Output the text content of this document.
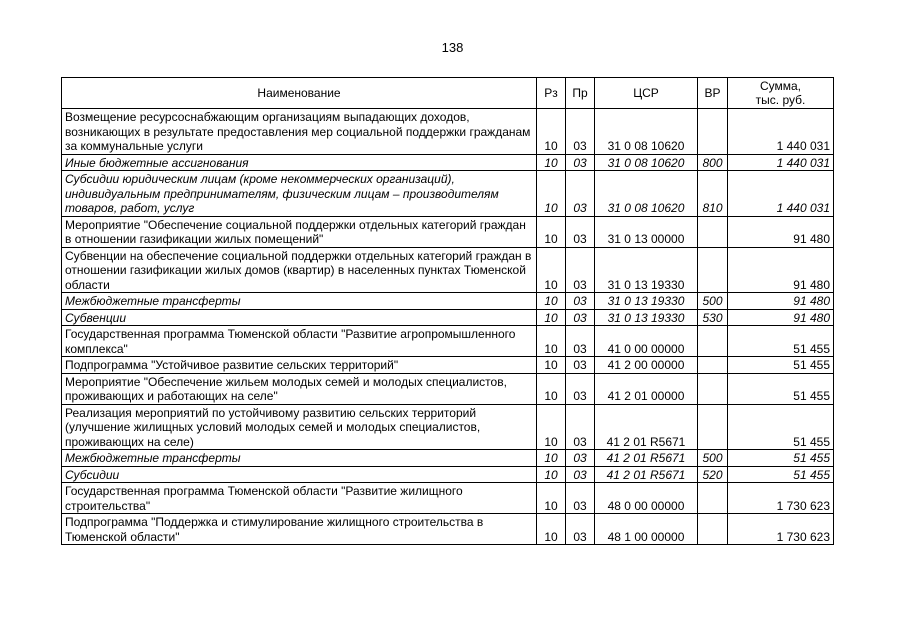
138
Наименование	Рз	Пр	ЦСР	ВР	Сумма,
тыс. руб.
Возмещение ресурсоснабжающим организациям выпадающих доходов, возникающих в результате предоставления мер социальной поддержки гражданам за коммунальные услуги	10	03	31 0 08 10620		1 440 031
Иные бюджетные ассигнования	10	03	31 0 08 10620	800	1 440 031
Субсидии юридическим лицам (кроме некоммерческих организаций), индивидуальным предпринимателям, физическим лицам – производителям товаров, работ, услуг	10	03	31 0 08 10620	810	1 440 031
Мероприятие "Обеспечение социальной поддержки отдельных категорий граждан в отношении газификации жилых помещений"	10	03	31 0 13 00000		91 480
Субвенции на обеспечение социальной поддержки отдельных категорий граждан в отношении газификации жилых домов (квартир) в населенных пунктах Тюменской области	10	03	31 0 13 19330		91 480
Межбюджетные трансферты	10	03	31 0 13 19330	500	91 480
Субвенции	10	03	31 0 13 19330	530	91 480
Государственная программа Тюменской области "Развитие агропромышленного комплекса"	10	03	41 0 00 00000		51 455
Подпрограмма "Устойчивое развитие сельских территорий"	10	03	41 2 00 00000		51 455
Мероприятие "Обеспечение жильем молодых семей и молодых специалистов, проживающих и работающих на селе"	10	03	41 2 01 00000		51 455
Реализация мероприятий по устойчивому развитию сельских территорий (улучшение жилищных условий молодых семей и молодых специалистов, проживающих на селе)	10	03	41 2 01 R5671		51 455
Межбюджетные трансферты	10	03	41 2 01 R5671	500	51 455
Субсидии	10	03	41 2 01 R5671	520	51 455
Государственная программа Тюменской области "Развитие жилищного строительства"	10	03	48 0 00 00000		1 730 623
Подпрограмма "Поддержка и стимулирование жилищного строительства в Тюменской области"	10	03	48 1 00 00000		1 730 623
